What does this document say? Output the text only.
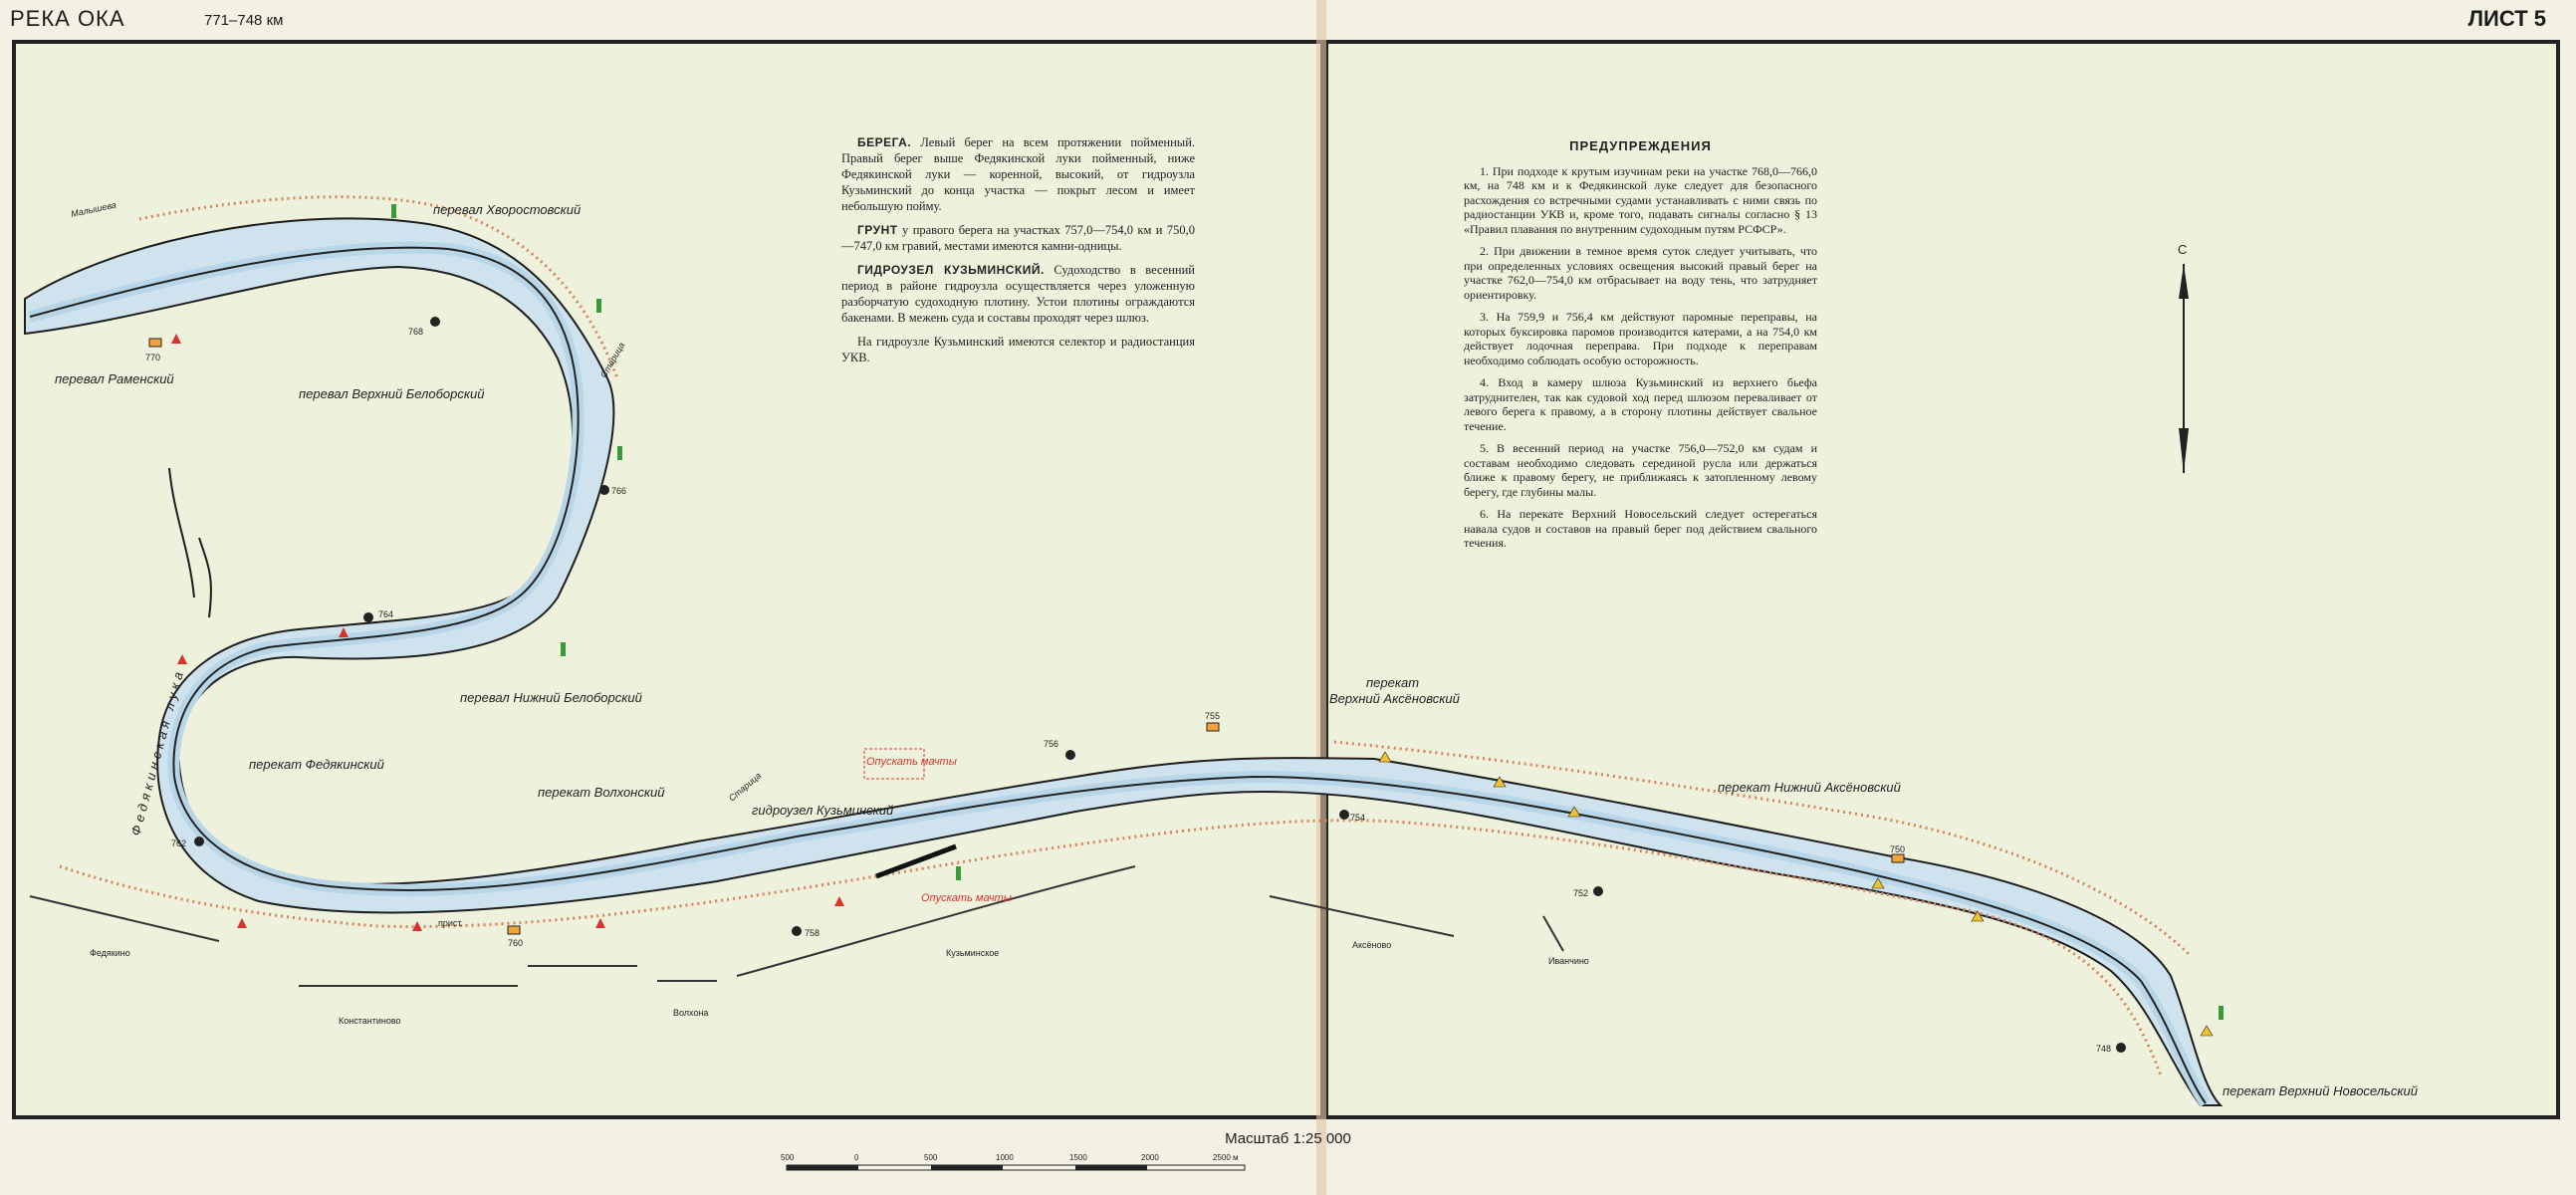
РЕКА ОКА	771–748 км	ЛИСТ 5
перевал Хворостовский
перевал Раменский
перевал Верхний Белоборский
перевал Нижний Белоборский
перекат Федякинский
перекат Волхонский
гидроузел Кузьминский
перекат
Верхний Аксёновский
перекат Нижний Аксёновский
перекат Верхний Новосельский
Старица
Старица
Малышева
Федякинская лука
Федякино
Константиново
Волхона
Кузьминское
Аксёново
Иванчино
прист.
Опускать мачты
Опускать мачты
770
768
766
764
762
760
758
756
755
754
752
750
748
С
500	0	500	1000	1500	2000	2500 м

БЕРЕГА. Левый берег на всем протяжении пойменный. Правый берег выше Федякинской луки пойменный, ниже Федякинской луки — коренной, высокий, от гидроузла Кузьминский до конца участка — покрыт лесом и имеет небольшую пойму.

ГРУНТ у правого берега на участках 757,0—754,0 км и 750,0—747,0 км гравий, местами имеются камни-одницы.

ГИДРОУЗЕЛ КУЗЬМИНСКИЙ. Судоходство в весенний период в районе гидроузла осуществляется через уложенную разборчатую судоходную плотину. Устои плотины ограждаются бакенами. В межень суда и составы проходят через шлюз.

На гидроузле Кузьминский имеются селектор и радиостанция УКВ.

ПРЕДУПРЕЖДЕНИЯ

1. При подходе к крутым изучинам реки на участке 768,0—766,0 км, на 748 км и к Федякинской луке следует для безопасного расхождения со встречными судами устанавливать с ними связь по радиостанции УКВ и, кроме того, подавать сигналы согласно § 13 «Правил плавания по внутренним судоходным путям РСФСР».

2. При движении в темное время суток следует учитывать, что при определенных условиях освещения высокий правый берег на участке 762,0—754,0 км отбрасывает на воду тень, что затрудняет ориентировку.

3. На 759,9 и 756,4 км действуют паромные переправы, на которых буксировка паромов производится катерами, а на 754,0 км действует лодочная переправа. При подходе к переправам необходимо соблюдать особую осторожность.

4. Вход в камеру шлюза Кузьминский из верхнего бьефа затруднителен, так как судовой ход перед шлюзом переваливает от левого берега к правому, а в сторону плотины действует свальное течение.

5. В весенний период на участке 756,0—752,0 км судам и составам необходимо следовать серединой русла или держаться ближе к правому берегу, не приближаясь к затопленному левому берегу, где глубины малы.

6. На перекате Верхний Новосельский следует остерегаться навала судов и составов на правый берег под действием свального течения.

Масштаб 1:25 000
